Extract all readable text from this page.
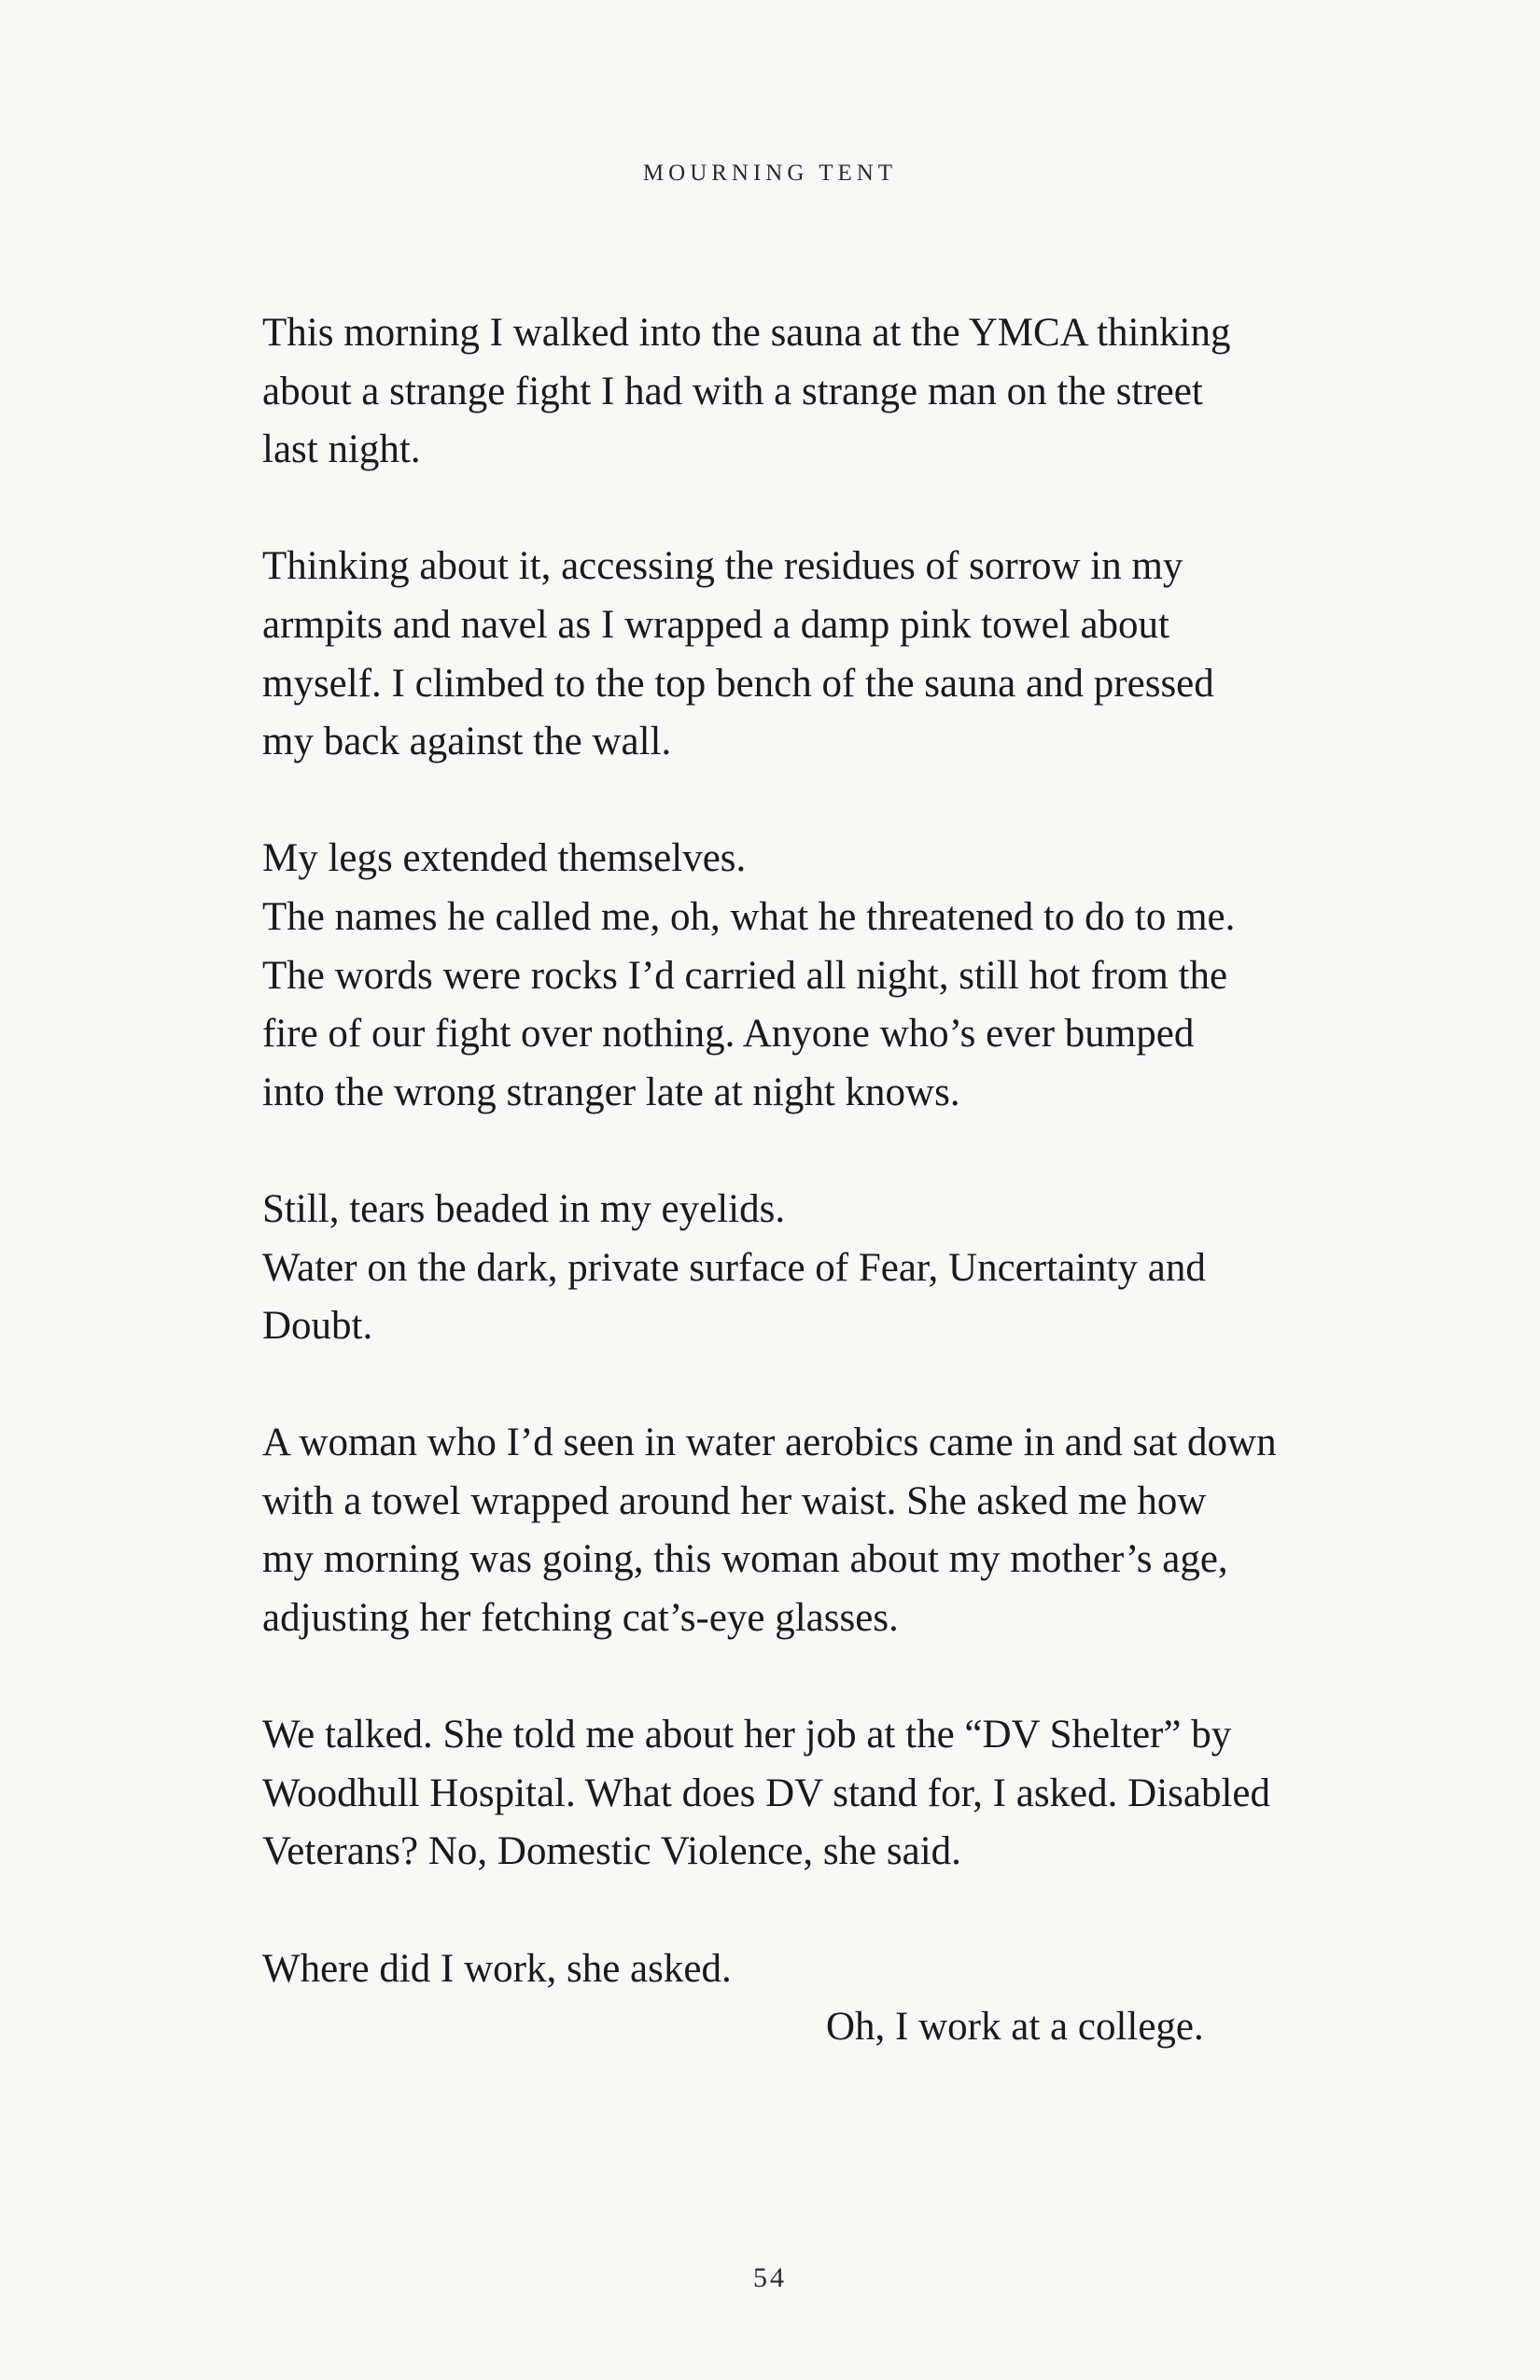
MOURNING TENT

This morning I walked into the sauna at the YMCA thinking
about a strange fight I had with a strange man on the street
last night.

Thinking about it, accessing the residues of sorrow in my
armpits and navel as I wrapped a damp pink towel about
myself. I climbed to the top bench of the sauna and pressed
my back against the wall.

My legs extended themselves.
The names he called me, oh, what he threatened to do to me.
The words were rocks I’d carried all night, still hot from the
fire of our fight over nothing. Anyone who’s ever bumped
into the wrong stranger late at night knows.

Still, tears beaded in my eyelids.
Water on the dark, private surface of Fear, Uncertainty and
Doubt.

A woman who I’d seen in water aerobics came in and sat down
with a towel wrapped around her waist. She asked me how
my morning was going, this woman about my mother’s age,
adjusting her fetching cat’s-eye glasses.

We talked. She told me about her job at the “DV Shelter” by
Woodhull Hospital. What does DV stand for, I asked. Disabled
Veterans? No, Domestic Violence, she said.

Where did I work, she asked.
Oh, I work at a college.

54
